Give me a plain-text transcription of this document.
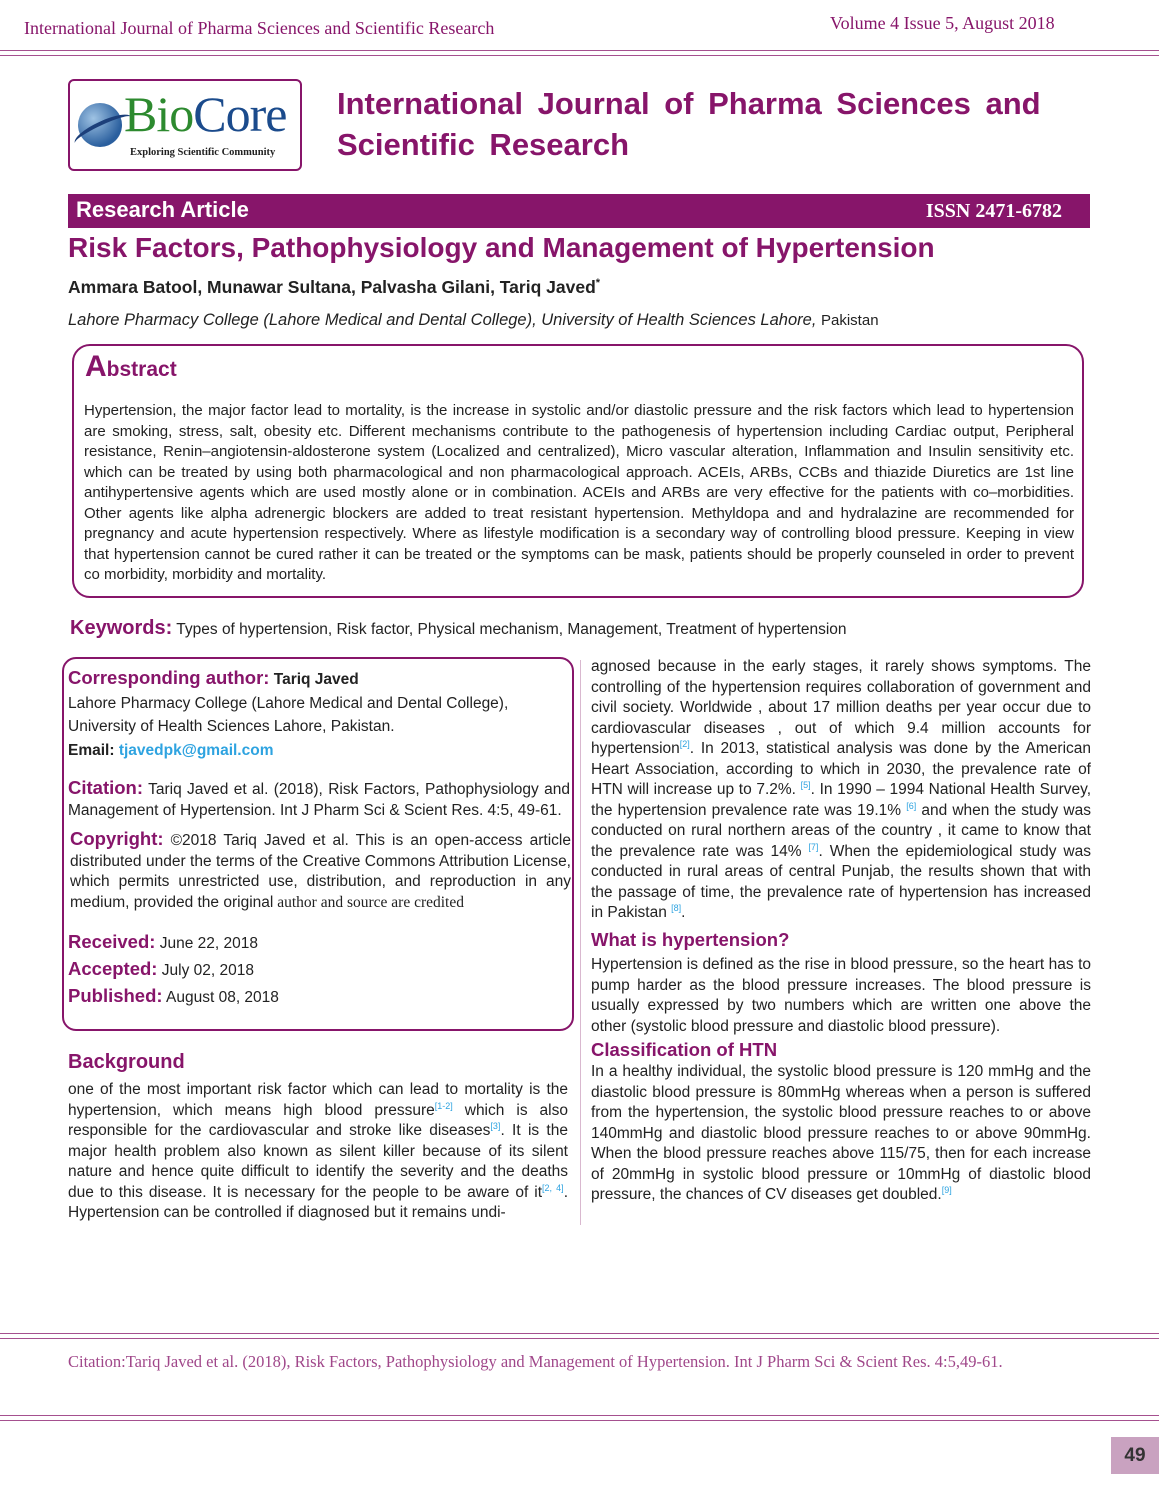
International Journal of Pharma Sciences and Scientific Research	Volume 4 Issue 5, August 2018
BioCore
Exploring Scientific Community
International Journal of Pharma Sciences and Scientific Research
Research Article	ISSN 2471-6782
Risk Factors, Pathophysiology and Management of Hypertension
Ammara Batool, Munawar Sultana, Palvasha Gilani, Tariq Javed*
Lahore Pharmacy College (Lahore Medical and Dental College), University of Health Sciences Lahore, Pakistan
Abstract
Hypertension, the major factor lead to mortality, is the increase in systolic and/or diastolic pressure and the risk factors which lead to hypertension are smoking, stress, salt, obesity etc. Different mechanisms contribute to the pathogenesis of hypertension including Cardiac output, Peripheral resistance, Renin–angiotensin-aldosterone system (Localized and centralized), Micro vascular alteration, Inflammation and Insulin sensitivity etc. which can be treated by using both pharmacological and non pharmacological approach. ACEIs, ARBs, CCBs and thiazide Diuretics are 1st line antihypertensive agents which are used mostly alone or in combination. ACEIs and ARBs are very effective for the patients with co–morbidities. Other agents like alpha adrenergic blockers are added to treat resistant hypertension. Methyldopa and and hydralazine are recommended for pregnancy and acute hypertension respectively. Where as lifestyle modification is a secondary way of controlling blood pressure. Keeping in view that hypertension cannot be cured rather it can be treated or the symptoms can be mask, patients should be properly counseled in order to prevent co morbidity, morbidity and mortality.
Keywords: Types of hypertension, Risk factor, Physical mechanism, Management, Treatment of hypertension
Corresponding author: Tariq Javed
Lahore Pharmacy College (Lahore Medical and Dental College),
University of Health Sciences Lahore, Pakistan.
Email: tjavedpk@gmail.com
Citation: Tariq Javed et al. (2018), Risk Factors, Pathophysiology and Management of Hypertension. Int J Pharm Sci & Scient Res. 4:5, 49-61.
Copyright: ©2018 Tariq Javed et al. This is an open-access article distributed under the terms of the Creative Commons Attribution License, which permits unrestricted use, distribution, and reproduction in any medium, provided the original author and source are credited
Received: June 22, 2018
Accepted: July 02, 2018
Published: August 08, 2018
Background
one of the most important risk factor which can lead to mortality is the hypertension, which means high blood pressure[1-2] which is also responsible for the cardiovascular and stroke like diseases[3]. It is the major health problem also known as silent killer because of its silent nature and hence quite difficult to identify the severity and the deaths due to this disease. It is necessary for the people to be aware of it[2, 4]. Hypertension can be controlled if diagnosed but it remains undi-
agnosed because in the early stages, it rarely shows symptoms. The controlling of the hypertension requires collaboration of government and civil society. Worldwide , about 17 million deaths per year occur due to cardiovascular diseases , out of which 9.4 million accounts for hypertension[2]. In 2013, statistical analysis was done by the American Heart Association, according to which in 2030, the prevalence rate of HTN will increase up to 7.2%. [5]. In 1990 – 1994 National Health Survey, the hypertension prevalence rate was 19.1% [6] and when the study was conducted on rural northern areas of the country , it came to know that the prevalence rate was 14% [7]. When the epidemiological study was conducted in rural areas of central Punjab, the results shown that with the passage of time, the prevalence rate of hypertension has increased in Pakistan [8].
What is hypertension?
Hypertension is defined as the rise in blood pressure, so the heart has to pump harder as the blood pressure increases. The blood pressure is usually expressed by two numbers which are written one above the other (systolic blood pressure and diastolic blood pressure).
Classification of HTN
In a healthy individual, the systolic blood pressure is 120 mmHg and the diastolic blood pressure is 80mmHg whereas when a person is suffered from the hypertension, the systolic blood pressure reaches to or above 140mmHg and diastolic blood pressure reaches to or above 90mmHg. When the blood pressure reaches above 115/75, then for each increase of 20mmHg in systolic blood pressure or 10mmHg of diastolic blood pressure, the chances of CV diseases get doubled.[9]
Citation:Tariq Javed et al. (2018), Risk Factors, Pathophysiology and Management of Hypertension. Int J Pharm Sci & Scient Res. 4:5,49-61.
49
